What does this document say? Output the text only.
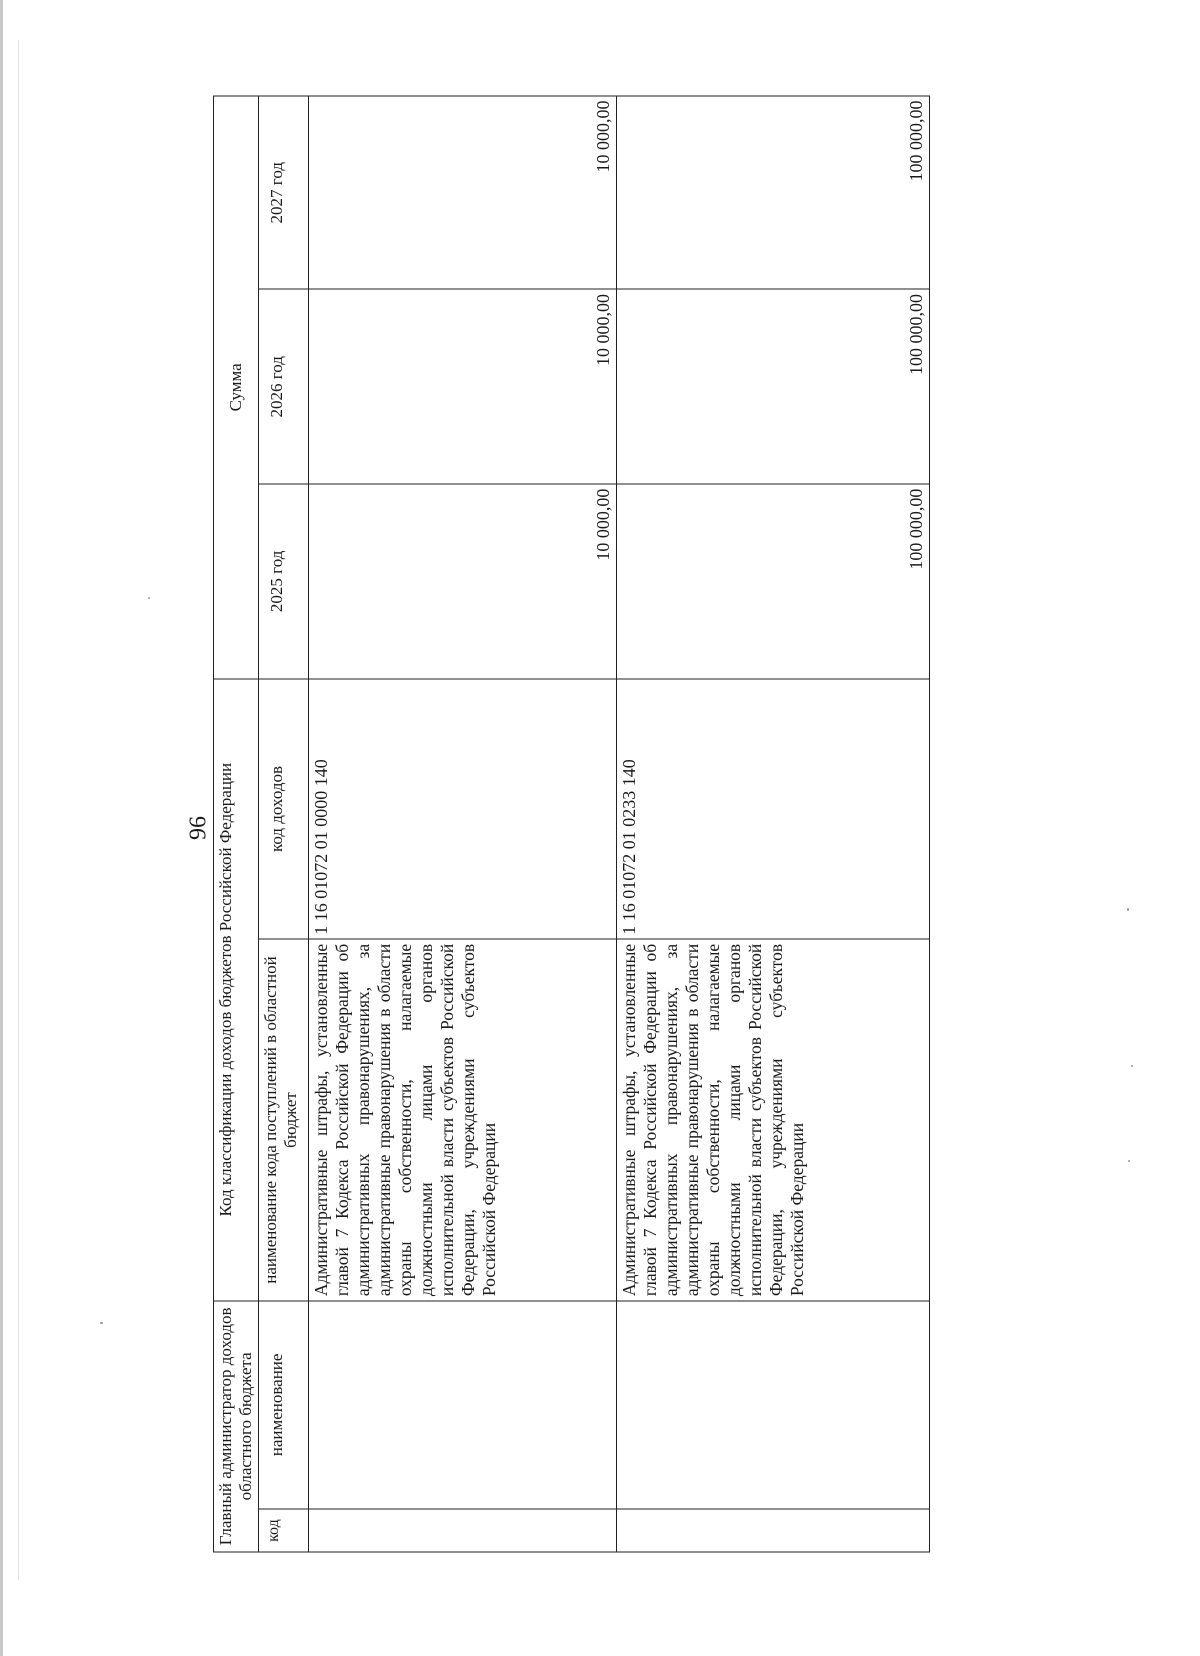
96
Главный администратор доходов областного бюджета		Код классификации доходов бюджетов Российской Федерации		Сумма		
код	наименование	наименование кода поступлений в областной бюджет	код доходов	2025 год	2026 год	2027 год
		Административные штрафы, установленные главой 7 Кодекса Российской Федерации об административных правонарушениях, за административные правонарушения в области охраны собственности, налагаемые должностными лицами органов исполнительной власти субъектов Российской Федерации, учреждениями субъектов Российской Федерации	1 16 01072 01 0000 140	10 000,00	10 000,00	10 000,00
		Административные штрафы, установленные главой 7 Кодекса Российской Федерации об административных правонарушениях, за административные правонарушения в области охраны собственности, налагаемые должностными лицами органов исполнительной власти субъектов Российской Федерации, учреждениями субъектов Российской Федерации	1 16 01072 01 0233 140	100 000,00	100 000,00	100 000,00
